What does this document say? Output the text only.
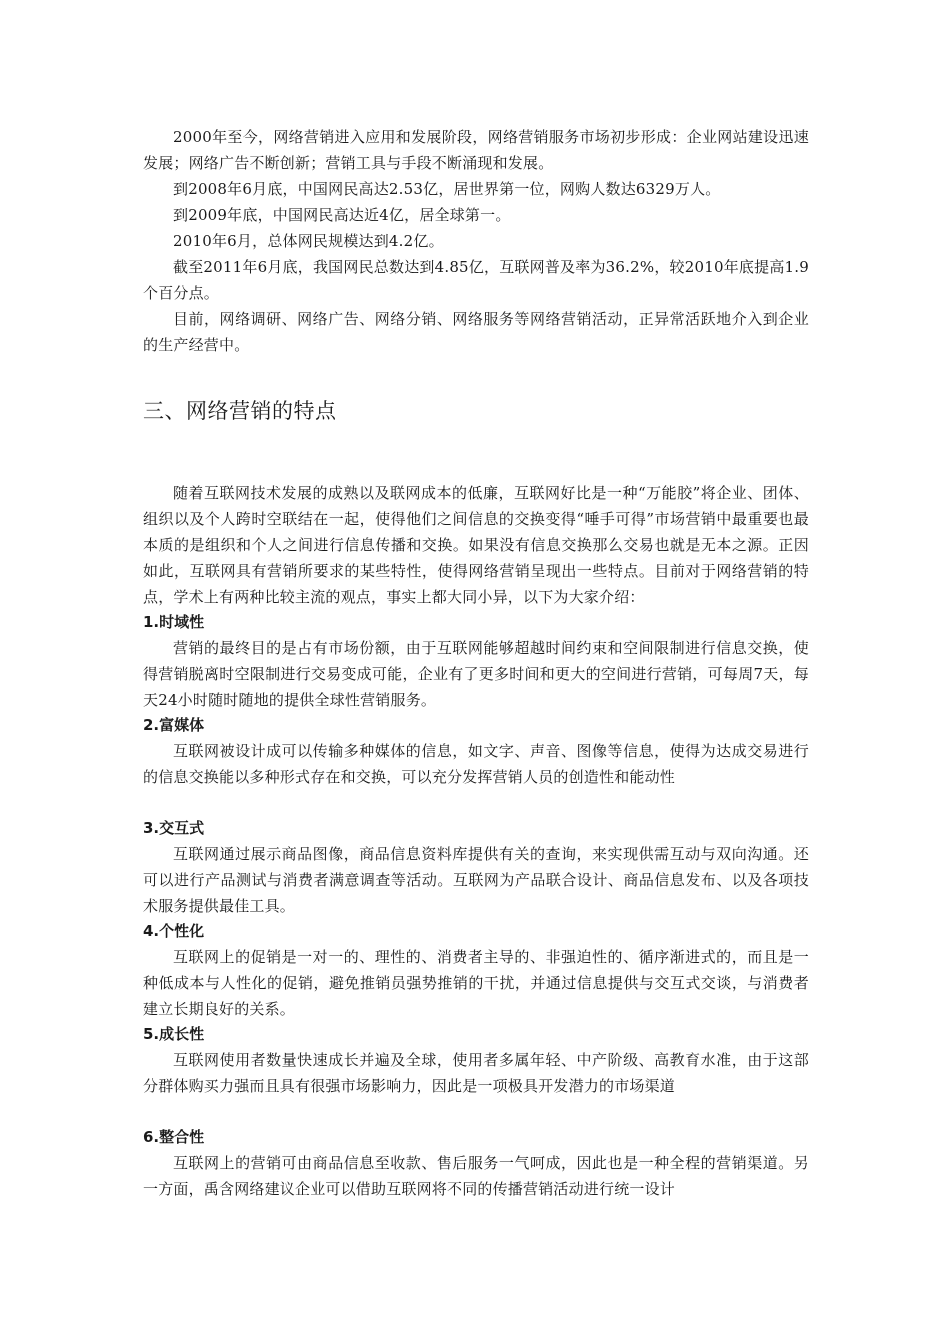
2000年至今，网络营销进入应用和发展阶段，网络营销服务市场初步形成：企业网站建设迅速发展；网络广告不断创新；营销工具与手段不断涌现和发展。

到2008年6月底，中国网民高达2.53亿，居世界第一位，网购人数达6329万人。

到2009年底，中国网民高达近4亿，居全球第一。

2010年6月，总体网民规模达到4.2亿。

截至2011年6月底，我国网民总数达到4.85亿，互联网普及率为36.2%，较2010年底提高1.9个百分点。

目前，网络调研、网络广告、网络分销、网络服务等网络营销活动，正异常活跃地介入到企业的生产经营中。

三、网络营销的特点

随着互联网技术发展的成熟以及联网成本的低廉，互联网好比是一种“万能胶”将企业、团体、组织以及个人跨时空联结在一起，使得他们之间信息的交换变得“唾手可得”市场营销中最重要也最本质的是组织和个人之间进行信息传播和交换。如果没有信息交换那么交易也就是无本之源。正因如此，互联网具有营销所要求的某些特性，使得网络营销呈现出一些特点。目前对于网络营销的特点，学术上有两种比较主流的观点，事实上都大同小异，以下为大家介绍：

1.时域性

营销的最终目的是占有市场份额，由于互联网能够超越时间约束和空间限制进行信息交换，使得营销脱离时空限制进行交易变成可能，企业有了更多时间和更大的空间进行营销，可每周7天，每天24小时随时随地的提供全球性营销服务。

2.富媒体

互联网被设计成可以传输多种媒体的信息，如文字、声音、图像等信息，使得为达成交易进行的信息交换能以多种形式存在和交换，可以充分发挥营销人员的创造性和能动性

3.交互式

互联网通过展示商品图像，商品信息资料库提供有关的查询，来实现供需互动与双向沟通。还可以进行产品测试与消费者满意调查等活动。互联网为产品联合设计、商品信息发布、以及各项技术服务提供最佳工具。

4.个性化

互联网上的促销是一对一的、理性的、消费者主导的、非强迫性的、循序渐进式的，而且是一种低成本与人性化的促销，避免推销员强势推销的干扰，并通过信息提供与交互式交谈，与消费者建立长期良好的关系。

5.成长性

互联网使用者数量快速成长并遍及全球，使用者多属年轻、中产阶级、高教育水准，由于这部分群体购买力强而且具有很强市场影响力，因此是一项极具开发潜力的市场渠道

6.整合性

互联网上的营销可由商品信息至收款、售后服务一气呵成，因此也是一种全程的营销渠道。另一方面，禹含网络建议企业可以借助互联网将不同的传播营销活动进行统一设计
